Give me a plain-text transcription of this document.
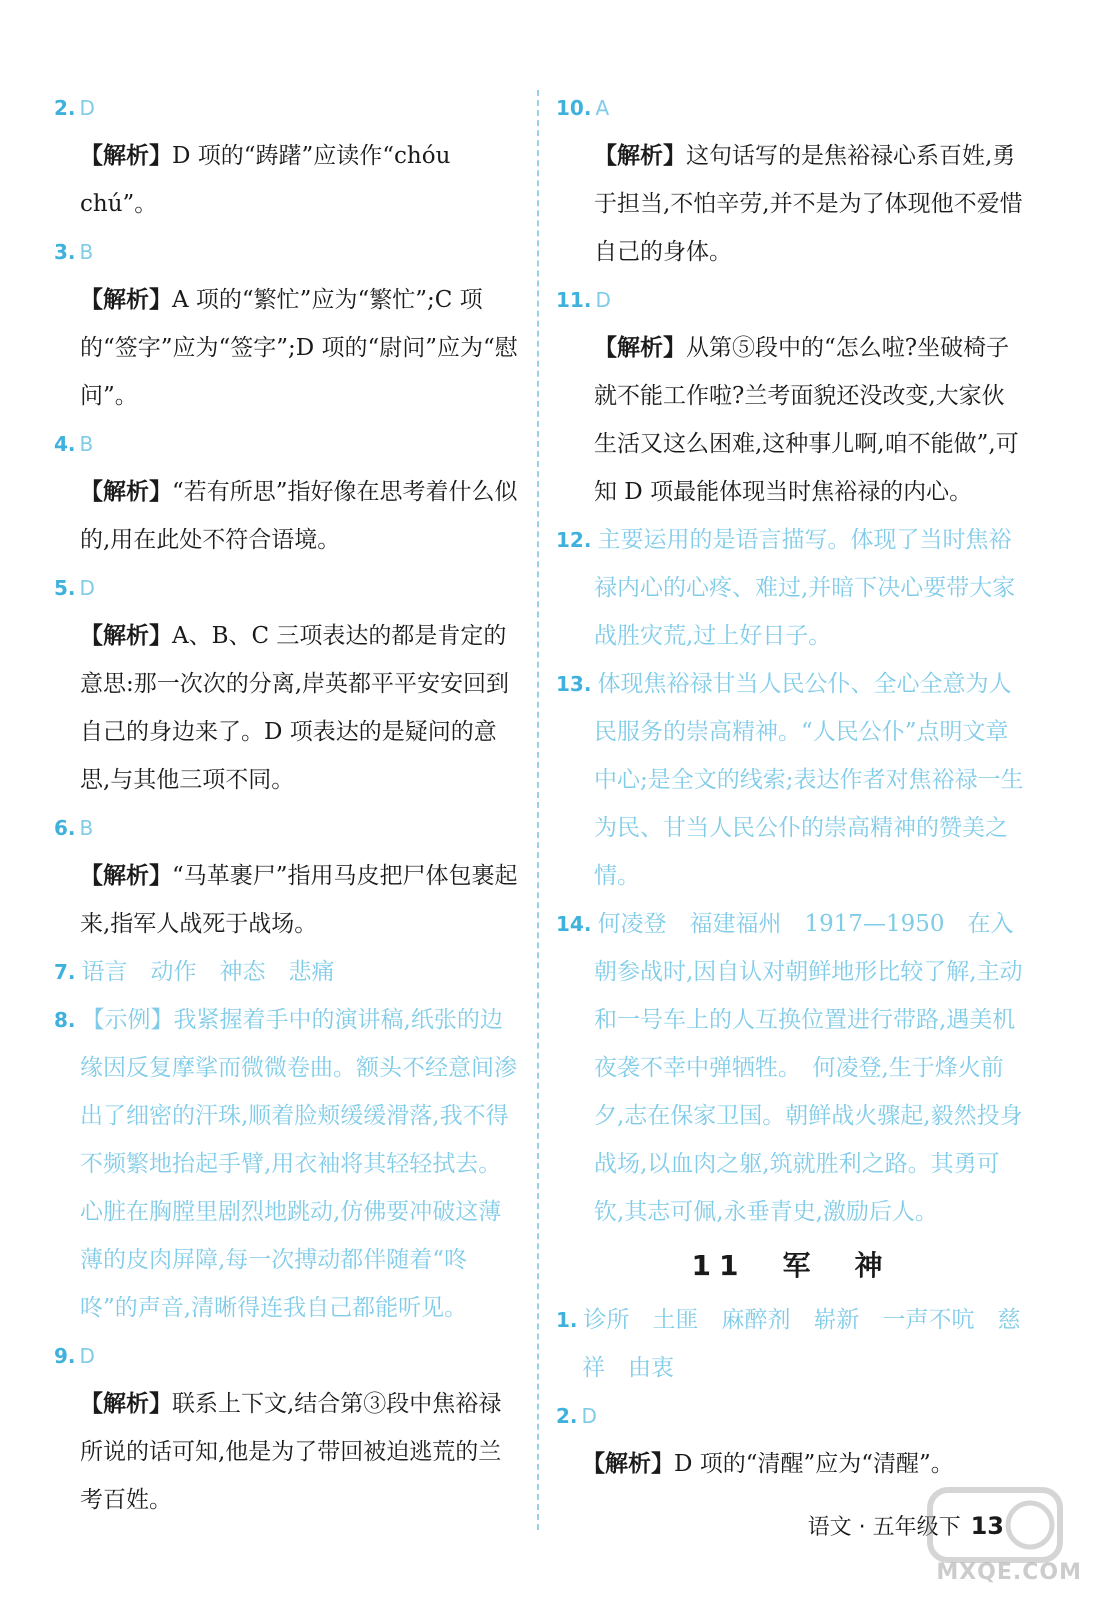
2. D
【解析】D 项的“踌躇”应读作“chóu chú”。
3. B
【解析】A 项的“繁忙”应为“繁忙”;C 项的“签字”应为“签字”;D 项的“尉问”应为“慰问”。
4. B
【解析】“若有所思”指好像在思考着什么似的,用在此处不符合语境。
5. D
【解析】A、B、C 三项表达的都是肯定的意思:那一次次的分离,岸英都平平安安回到自己的身边来了。D 项表达的是疑问的意思,与其他三项不同。
6. B
【解析】“马革裹尸”指用马皮把尸体包裹起来,指军人战死于战场。
7. 语言　动作　神态　悲痛
8. 【示例】我紧握着手中的演讲稿,纸张的边缘因反复摩挲而微微卷曲。额头不经意间渗出了细密的汗珠,顺着脸颊缓缓滑落,我不得不频繁地抬起手臂,用衣袖将其轻轻拭去。心脏在胸膛里剧烈地跳动,仿佛要冲破这薄薄的皮肉屏障,每一次搏动都伴随着“咚咚”的声音,清晰得连我自己都能听见。
9. D
【解析】联系上下文,结合第③段中焦裕禄所说的话可知,他是为了带回被迫逃荒的兰考百姓。
10. A
【解析】这句话写的是焦裕禄心系百姓,勇于担当,不怕辛劳,并不是为了体现他不爱惜自己的身体。
11. D
【解析】从第⑤段中的“怎么啦?坐破椅子就不能工作啦?兰考面貌还没改变,大家伙生活又这么困难,这种事儿啊,咱不能做”,可知 D 项最能体现当时焦裕禄的内心。
12. 主要运用的是语言描写。体现了当时焦裕禄内心的心疼、难过,并暗下决心要带大家战胜灾荒,过上好日子。
13. 体现焦裕禄甘当人民公仆、全心全意为人民服务的崇高精神。“人民公仆”点明文章中心;是全文的线索;表达作者对焦裕禄一生为民、甘当人民公仆的崇高精神的赞美之情。
14. 何凌登　福建福州　1917—1950　在入朝参战时,因自认对朝鲜地形比较了解,主动和一号车上的人互换位置进行带路,遇美机夜袭不幸中弹牺牲。　何凌登,生于烽火前夕,志在保家卫国。朝鲜战火骤起,毅然投身战场,以血肉之躯,筑就胜利之路。其勇可钦,其志可佩,永垂青史,激励后人。
11　军　神
1. 诊所　土匪　麻醉剂　崭新　一声不吭　慈祥　由衷
2. D
【解析】D 项的“清醒”应为“清醒”。
语文 · 五年级下 13
MXQE.COM
